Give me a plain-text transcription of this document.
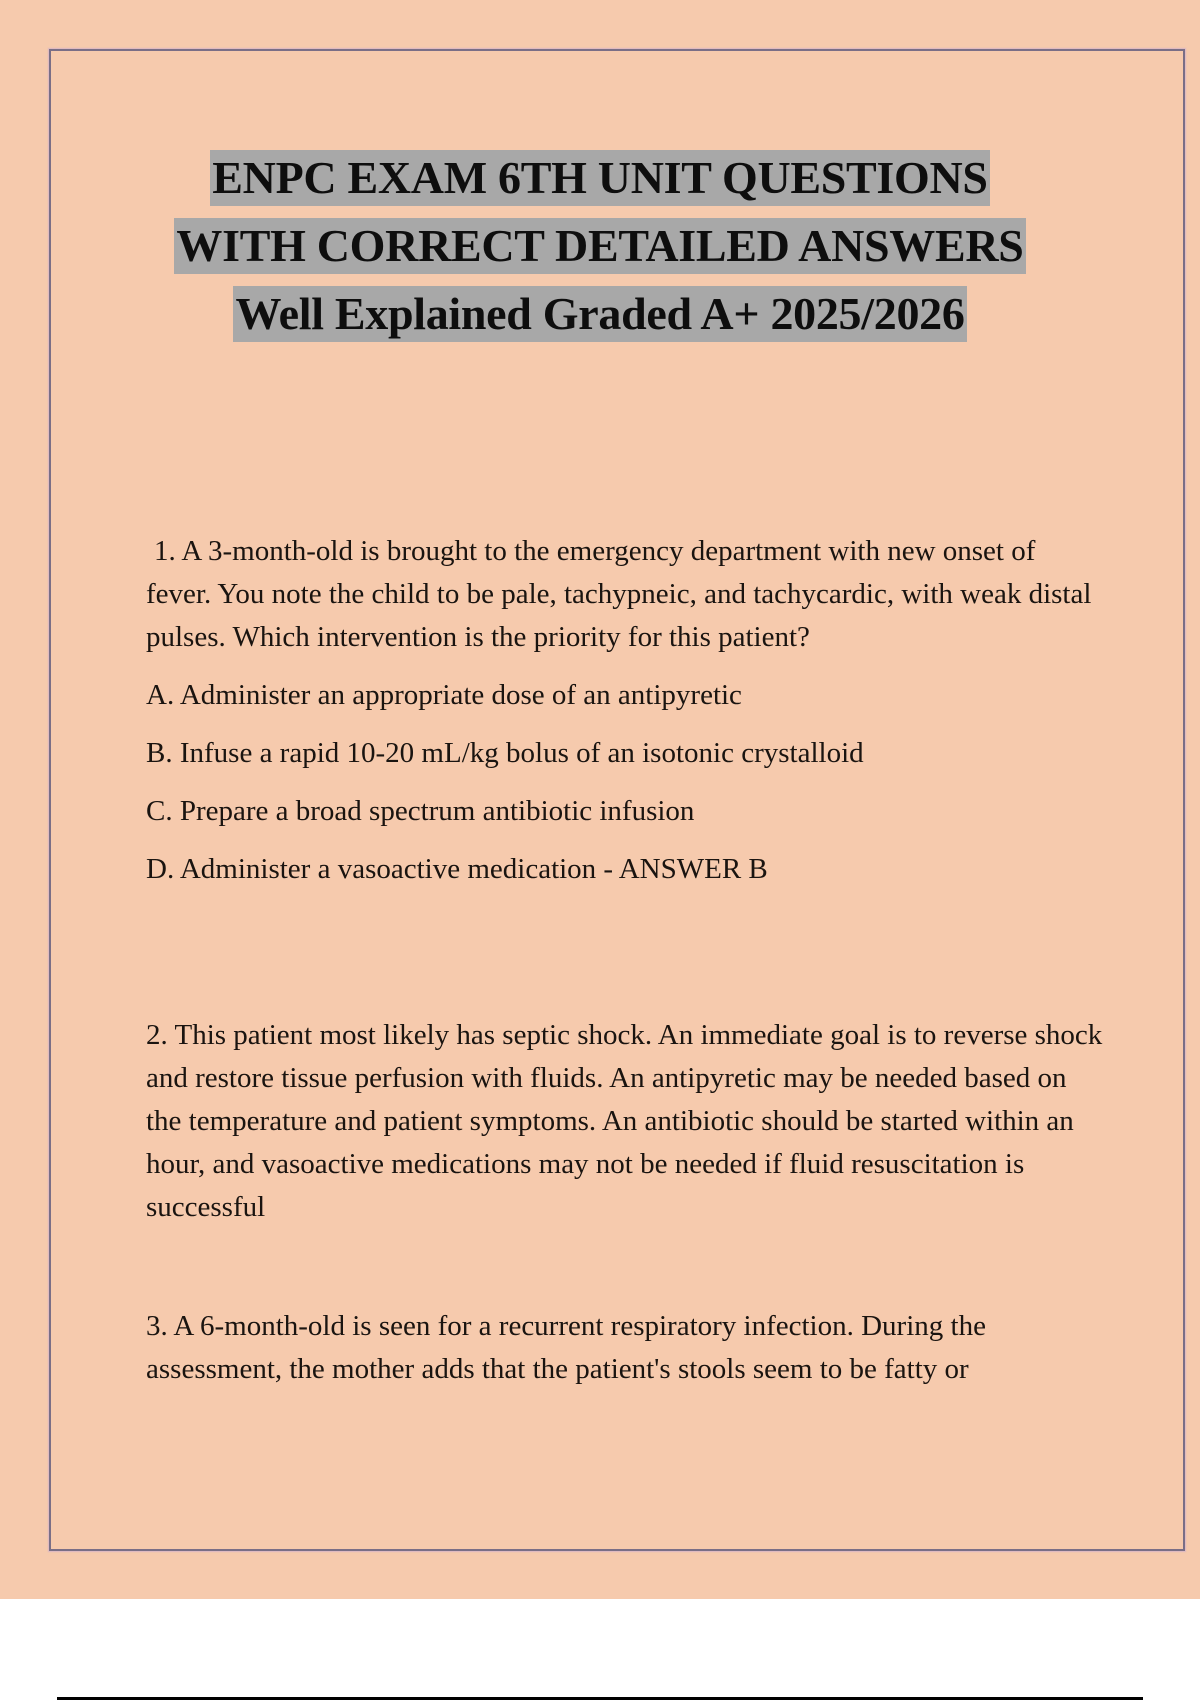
ENPC EXAM 6TH UNIT QUESTIONS
WITH CORRECT DETAILED ANSWERS
Well Explained Graded A+ 2025/2026

1. A 3-month-old is brought to the emergency department with new onset of fever. You note the child to be pale, tachypneic, and tachycardic, with weak distal pulses. Which intervention is the priority for this patient?

A. Administer an appropriate dose of an antipyretic

B. Infuse a rapid 10-20 mL/kg bolus of an isotonic crystalloid

C. Prepare a broad spectrum antibiotic infusion

D. Administer a vasoactive medication - ANSWER B

2. This patient most likely has septic shock. An immediate goal is to reverse shock and restore tissue perfusion with fluids. An antipyretic may be needed based on the temperature and patient symptoms. An antibiotic should be started within an hour, and vasoactive medications may not be needed if fluid resuscitation is successful

3. A 6-month-old is seen for a recurrent respiratory infection. During the assessment, the mother adds that the patient's stools seem to be fatty or
